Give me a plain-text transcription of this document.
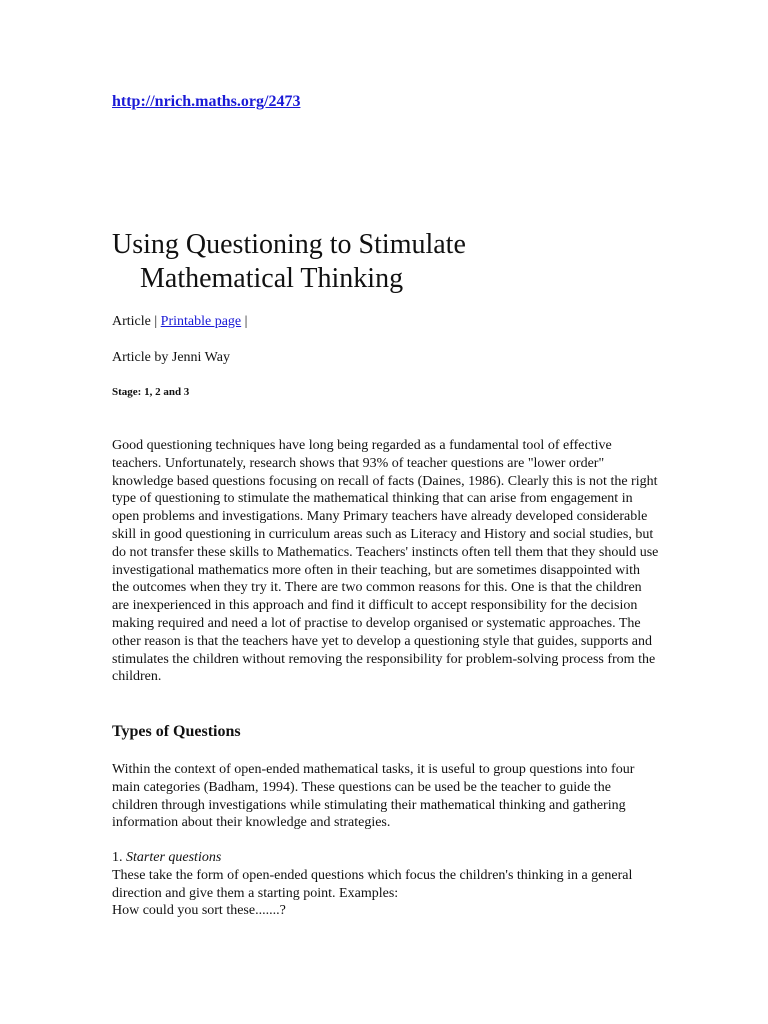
http://nrich.maths.org/2473
Using Questioning to Stimulate
Mathematical Thinking
Article | Printable page |
Article by Jenni Way
Stage: 1, 2 and 3

Good questioning techniques have long being regarded as a fundamental tool of effective teachers. Unfortunately, research shows that 93% of teacher questions are "lower order" knowledge based questions focusing on recall of facts (Daines, 1986). Clearly this is not the right type of questioning to stimulate the mathematical thinking that can arise from engagement in open problems and investigations. Many Primary teachers have already developed considerable skill in good questioning in curriculum areas such as Literacy and History and social studies, but do not transfer these skills to Mathematics. Teachers' instincts often tell them that they should use investigational mathematics more often in their teaching, but are sometimes disappointed with the outcomes when they try it. There are two common reasons for this. One is that the children are inexperienced in this approach and find it difficult to accept responsibility for the decision making required and need a lot of practise to develop organised or systematic approaches. The other reason is that the teachers have yet to develop a questioning style that guides, supports and stimulates the children without removing the responsibility for problem-solving process from the children.

Types of Questions

Within the context of open-ended mathematical tasks, it is useful to group questions into four main categories (Badham, 1994). These questions can be used be the teacher to guide the children through investigations while stimulating their mathematical thinking and gathering information about their knowledge and strategies.

1. Starter questions
These take the form of open-ended questions which focus the children's thinking in a general direction and give them a starting point. Examples:
How could you sort these.......?
